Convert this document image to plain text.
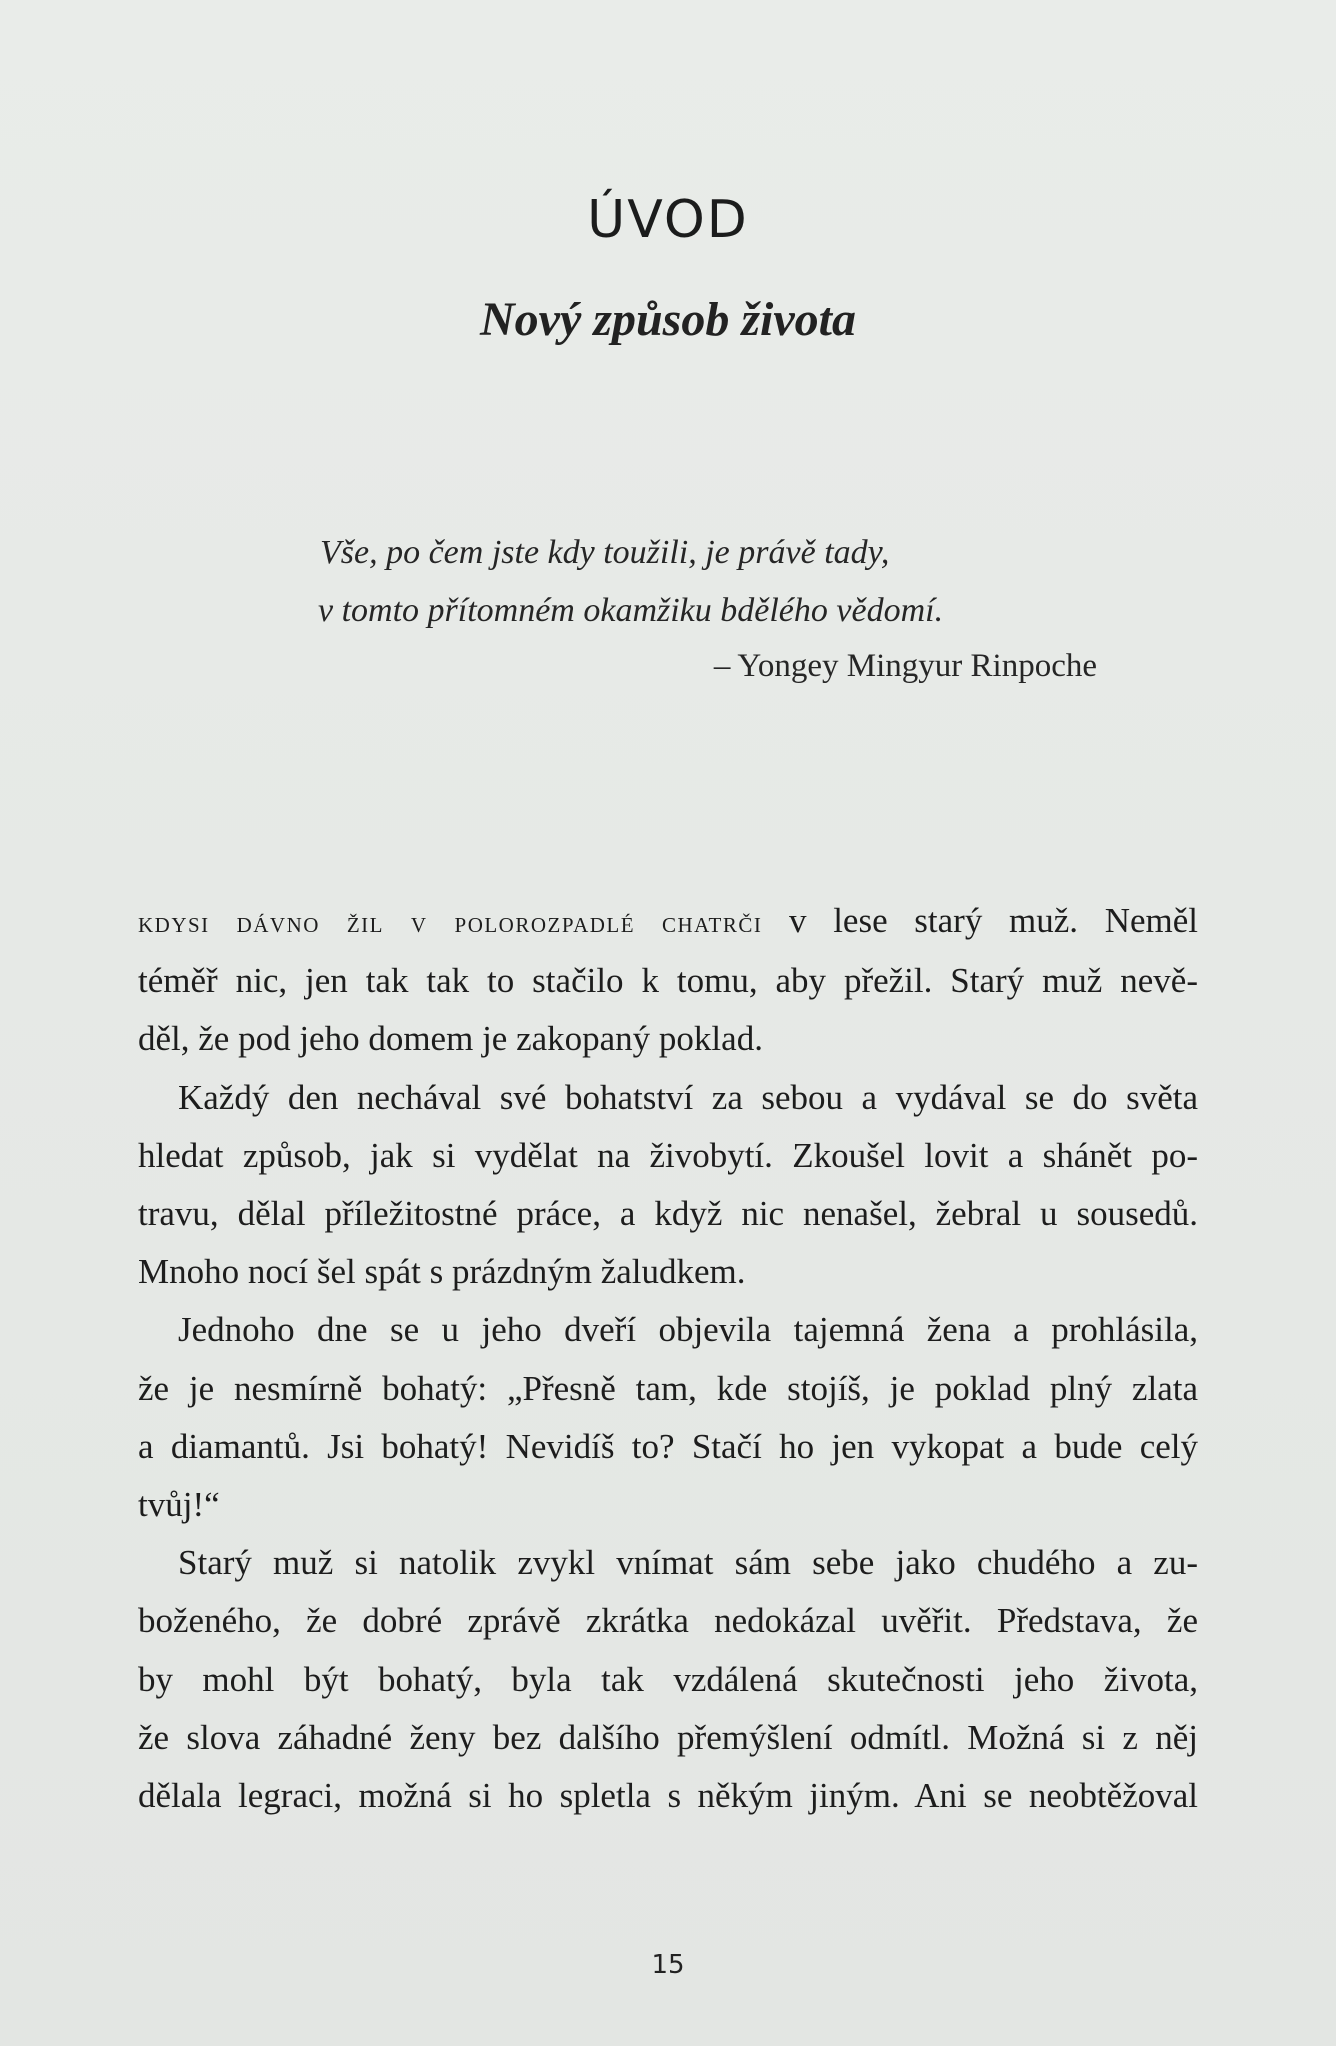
ÚVOD
Nový způsob života
Vše, po čem jste kdy toužili, je právě tady,
v tomto přítomném okamžiku bdělého vědomí.
– Yongey Mingyur Rinpoche
kdysi dávno žil v polorozpadlé chatrči v lese starý muž. Neměl
téměř nic, jen tak tak to stačilo k tomu, aby přežil. Starý muž nevě-
děl, že pod jeho domem je zakopaný poklad.
Každý den nechával své bohatství za sebou a vydával se do světa
hledat způsob, jak si vydělat na živobytí. Zkoušel lovit a shánět po-
travu, dělal příležitostné práce, a když nic nenašel, žebral u sousedů.
Mnoho nocí šel spát s prázdným žaludkem.
Jednoho dne se u jeho dveří objevila tajemná žena a prohlásila,
že je nesmírně bohatý: „Přesně tam, kde stojíš, je poklad plný zlata
a diamantů. Jsi bohatý! Nevidíš to? Stačí ho jen vykopat a bude celý
tvůj!“
Starý muž si natolik zvykl vnímat sám sebe jako chudého a zu-
boženého, že dobré zprávě zkrátka nedokázal uvěřit. Představa, že
by mohl být bohatý, byla tak vzdálená skutečnosti jeho života,
že slova záhadné ženy bez dalšího přemýšlení odmítl. Možná si z něj
dělala legraci, možná si ho spletla s někým jiným. Ani se neobtěžoval
15
